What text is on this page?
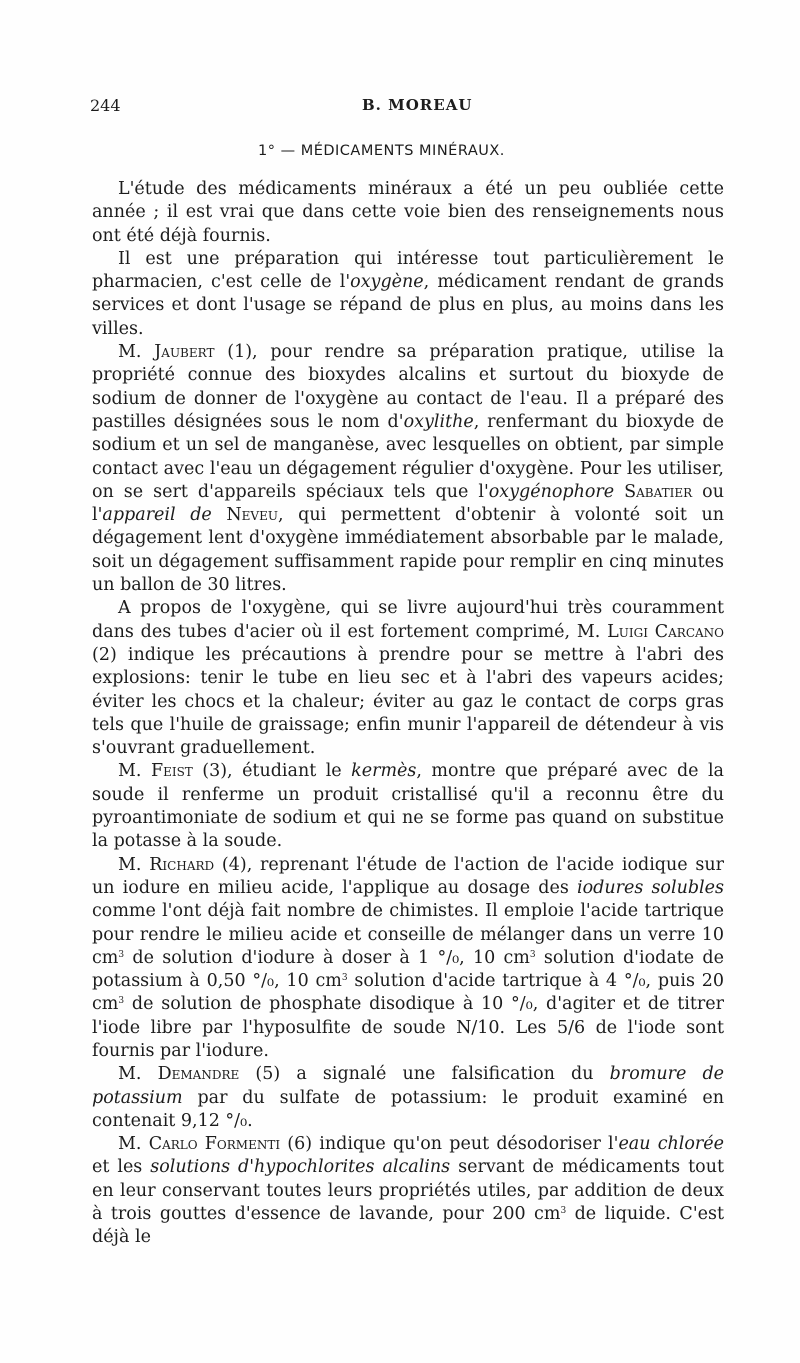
244	B. MOREAU
1° — MÉDICAMENTS MINÉRAUX.

L'étude des médicaments minéraux a été un peu oubliée cette année ; il est vrai que dans cette voie bien des renseignements nous ont été déjà fournis.

Il est une préparation qui intéresse tout particulièrement le pharmacien, c'est celle de l'oxygène, médicament rendant de grands services et dont l'usage se répand de plus en plus, au moins dans les villes.

M. Jaubert (1), pour rendre sa préparation pratique, utilise la propriété connue des bioxydes alcalins et surtout du bioxyde de sodium de donner de l'oxygène au contact de l'eau. Il a préparé des pastilles désignées sous le nom d'oxylithe, renfermant du bioxyde de sodium et un sel de manganèse, avec lesquelles on obtient, par simple contact avec l'eau un dégagement régulier d'oxygène. Pour les utiliser, on se sert d'appareils spéciaux tels que l'oxygénophore Sabatier ou l'appareil de Neveu, qui permettent d'obtenir à volonté soit un dégagement lent d'oxygène immédiatement absorbable par le malade, soit un dégagement suffisamment rapide pour remplir en cinq minutes un ballon de 30 litres.

A propos de l'oxygène, qui se livre aujourd'hui très couramment dans des tubes d'acier où il est fortement comprimé, M. Luigi Carcano (2) indique les précautions à prendre pour se mettre à l'abri des explosions: tenir le tube en lieu sec et à l'abri des vapeurs acides; éviter les chocs et la chaleur; éviter au gaz le contact de corps gras tels que l'huile de graissage; enfin munir l'appareil de détendeur à vis s'ouvrant graduellement.

M. Feist (3), étudiant le kermès, montre que préparé avec de la soude il renferme un produit cristallisé qu'il a reconnu être du pyroantimoniate de sodium et qui ne se forme pas quand on substitue la potasse à la soude.

M. Richard (4), reprenant l'étude de l'action de l'acide iodique sur un iodure en milieu acide, l'applique au dosage des iodures solubles comme l'ont déjà fait nombre de chimistes. Il emploie l'acide tartrique pour rendre le milieu acide et conseille de mélanger dans un verre 10 $cm^3$ de solution d'iodure à doser à 1 °/₀, 10 $cm^3$ solution d'iodate de potassium à 0,50 °/₀, 10 $cm^3$ solution d'acide tartrique à 4 °/₀, puis 20 $cm^3$ de solution de phosphate disodique à 10 °/₀, d'agiter et de titrer l'iode libre par l'hyposulfite de soude N/10. Les 5/6 de l'iode sont fournis par l'iodure.

M. Demandre (5) a signalé une falsification du bromure de potassium par du sulfate de potassium: le produit examiné en contenait 9,12 °/₀.

M. Carlo Formenti (6) indique qu'on peut désodoriser l'eau chlorée et les solutions d'hypochlorites alcalins servant de médicaments tout en leur conservant toutes leurs propriétés utiles, par addition de deux à trois gouttes d'essence de lavande, pour 200 $cm^3$ de liquide. C'est déjà le
